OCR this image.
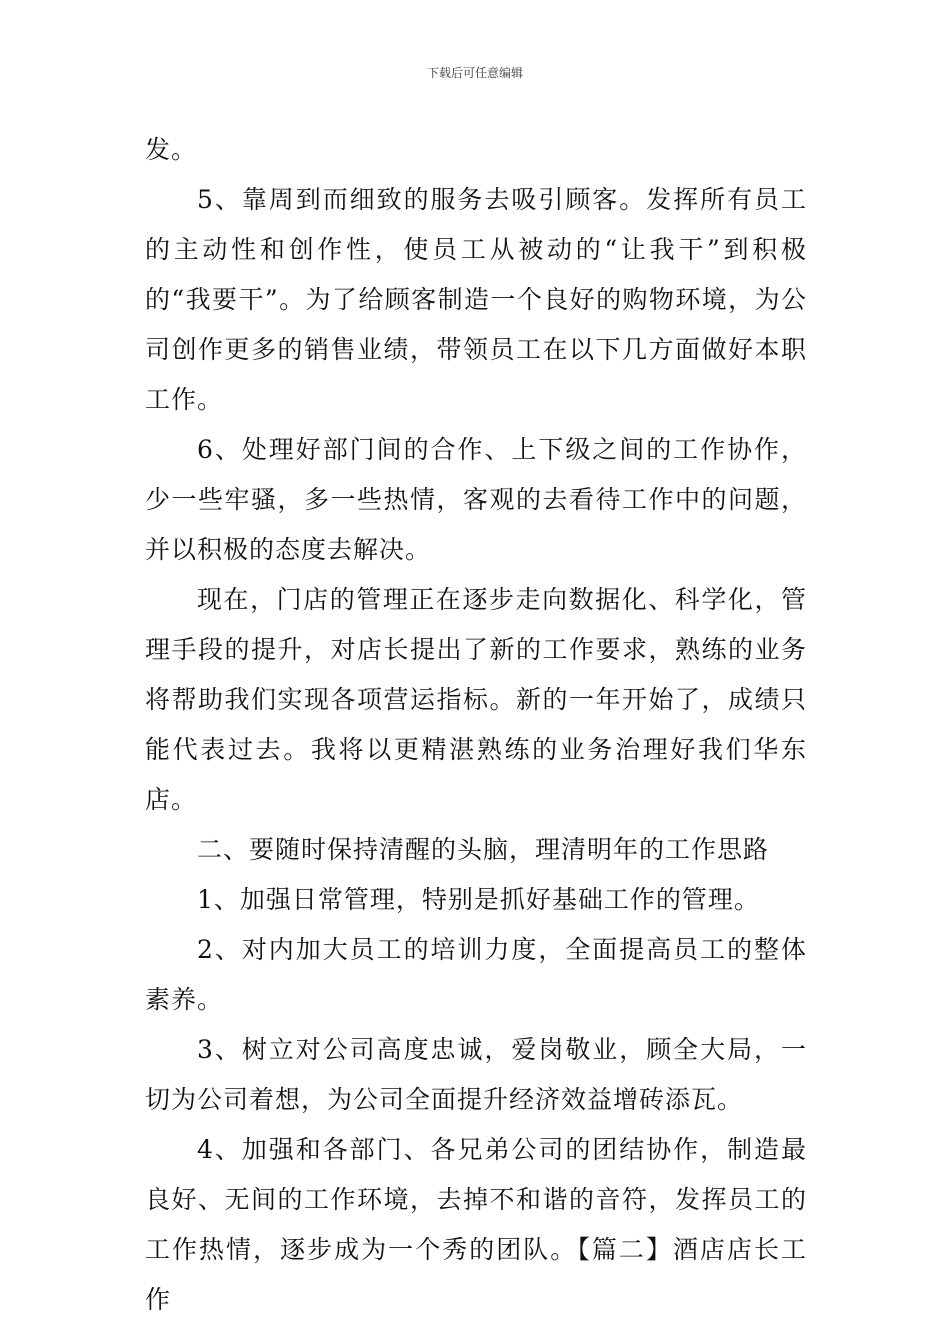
下载后可任意编辑

发。

5、靠周到而细致的服务去吸引顾客。发挥所有员工的主动性和创作性，使员工从被动的“让我干”到积极的“我要干”。为了给顾客制造一个良好的购物环境，为公司创作更多的销售业绩，带领员工在以下几方面做好本职工作。

6、处理好部门间的合作、上下级之间的工作协作，少一些牢骚，多一些热情，客观的去看待工作中的问题，并以积极的态度去解决。

现在，门店的管理正在逐步走向数据化、科学化，管理手段的提升，对店长提出了新的工作要求，熟练的业务将帮助我们实现各项营运指标。新的一年开始了，成绩只能代表过去。我将以更精湛熟练的业务治理好我们华东店。

二、要随时保持清醒的头脑，理清明年的工作思路

1、加强日常管理，特别是抓好基础工作的管理。

2、对内加大员工的培训力度，全面提高员工的整体素养。

3、树立对公司高度忠诚，爱岗敬业，顾全大局，一切为公司着想，为公司全面提升经济效益增砖添瓦。

4、加强和各部门、各兄弟公司的团结协作，制造最良好、无间的工作环境，去掉不和谐的音符，发挥员工的工作热情，逐步成为一个秀的团队。【篇二】酒店店长工作
